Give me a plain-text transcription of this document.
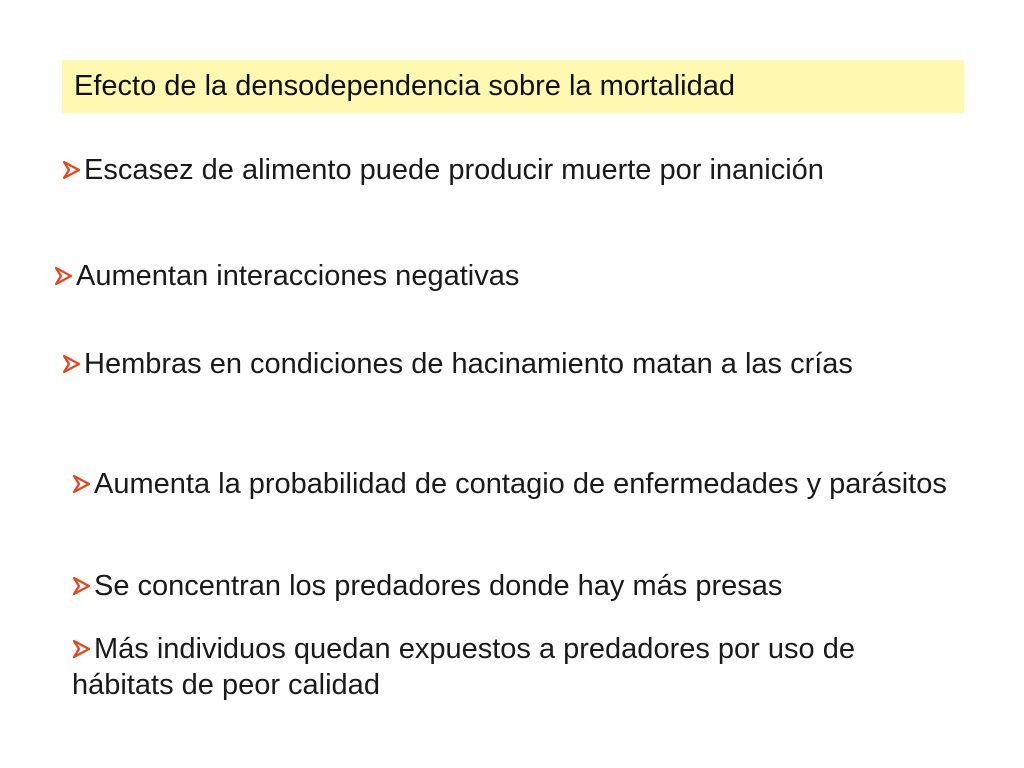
Efecto de la densodependencia sobre la mortalidad
Escasez de alimento puede producir muerte por inanición
Aumentan interacciones negativas
Hembras en condiciones de hacinamiento matan a las crías
Aumenta la probabilidad de contagio de enfermedades y parásitos
Se concentran los predadores donde hay más presas
Más individuos quedan expuestos a predadores por uso de hábitats de peor calidad
